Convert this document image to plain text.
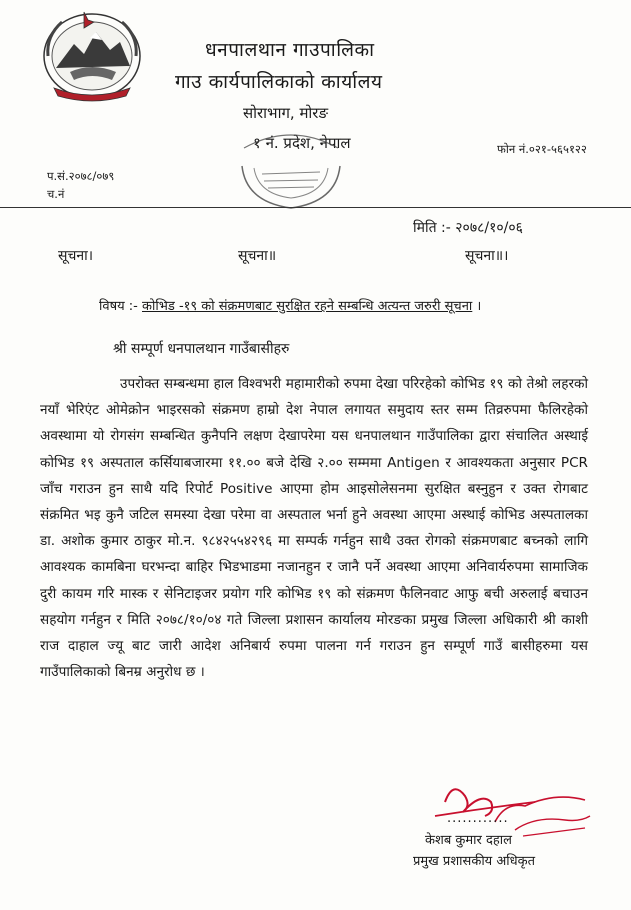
धनपालथान गाउपालिका
गाउ कार्यपालिकाको कार्यालय
सोराभाग, मोरङ
१ नं. प्रदेश, नेपाल	फोन नं.०२१-५६५१२२
प.सं.२०७८/०७९
च.नं
मिति :- २०७८/१०/०६
सूचना।	सूचना॥	सूचना॥।
विषय :- कोभिड -१९ को संक्रमणबाट सुरक्षित रहने सम्बन्धि अत्यन्त जरुरी सूचना ।
श्री सम्पूर्ण धनपालथान गाउँबासीहरु
उपरोक्त सम्बन्धमा हाल विश्वभरी महामारीको रुपमा देखा परिरहेको कोभिड १९ को तेश्रो लहरको नयाँ भेरिएंट ओमेक्रोन भाइरसको संक्रमण हाम्रो देश नेपाल लगायत समुदाय स्तर सम्म तिव्ररुपमा फैलिरहेको अवस्थामा यो रोगसंग सम्बन्धित कुनैपनि लक्षण देखापरेमा यस धनपालथान गाउँपालिका द्वारा संचालित अस्थाई कोभिड १९ अस्पताल कर्सियाबजारमा ११.०० बजे देखि २.०० सम्ममा Antigen र आवश्यकता अनुसार PCR जाँच गराउन हुन साथै यदि रिपोर्ट Positive आएमा होम आइसोलेसनमा सुरक्षित बस्नुहुन र उक्त रोगबाट संक्रमित भइ कुनै जटिल समस्या देखा परेमा वा अस्पताल भर्ना हुने अवस्था आएमा अस्थाई कोभिड अस्पतालका डा. अशोक कुमार ठाकुर मो.न. ९८४२५५४२९६ मा सम्पर्क गर्नहुन साथै उक्त रोगको संक्रमणबाट बच्नको लागि आवश्यक कामबिना घरभन्दा बाहिर भिडभाडमा नजानहुन र जानै पर्ने अवस्था आएमा अनिवार्यरुपमा सामाजिक दुरी कायम गरि मास्क र सेनिटाइजर प्रयोग गरि कोभिड १९ को संक्रमण फैलिनवाट आफु बची अरुलाई बचाउन सहयोग गर्नहुन र मिति २०७८/१०/०४ गते जिल्ला प्रशासन कार्यालय मोरङका प्रमुख जिल्ला अधिकारी श्री काशी राज दाहाल ज्यू बाट जारी आदेश अनिबार्य रुपमा पालना गर्न गराउन हुन सम्पूर्ण गाउँ बासीहरुमा यस गाउँपालिकाको बिनम्र अनुरोध छ ।
............
केशब कुमार दहाल
प्रमुख प्रशासकीय अधिकृत
